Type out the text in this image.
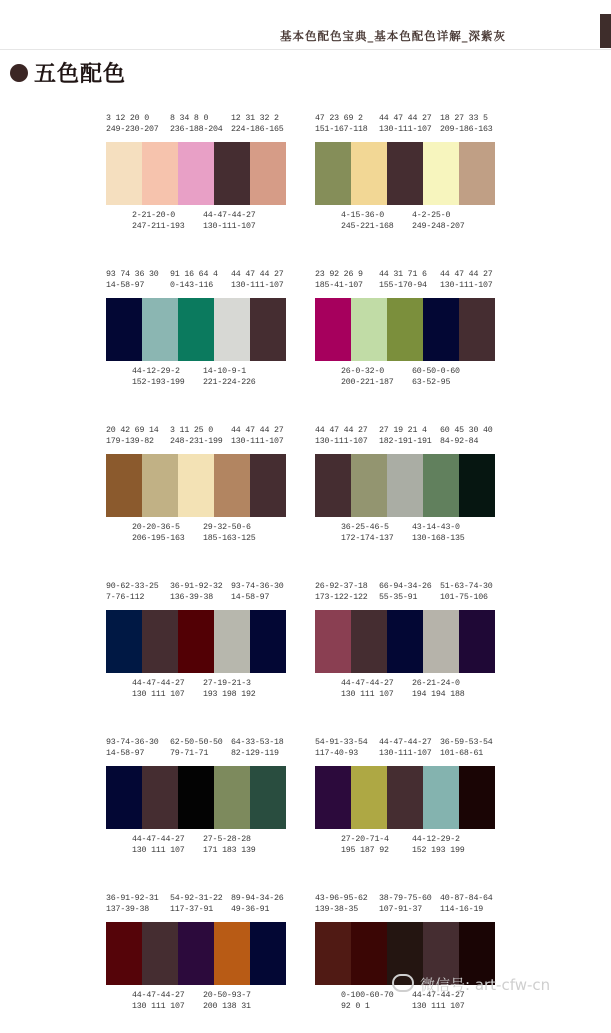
基本色配色宝典_基本色配色详解_深紫灰
五色配色
3 12 20 0
249-230-207
8 34 8 0
236-188-204
12 31 32 2
224-186-165
2-21-20-0
247-211-193
44-47-44-27
130-111-107
47 23 69 2
151-167-118
44 47 44 27
130-111-107
18 27 33 5
209-186-163
4-15-36-0
245-221-168
4-2-25-0
249-248-207
93 74 36 30
14-58-97
91 16 64 4
0-143-116
44 47 44 27
130-111-107
44-12-29-2
152-193-199
14-10-9-1
221-224-226
23 92 26 9
185-41-107
44 31 71 6
155-170-94
44 47 44 27
130-111-107
26-0-32-0
200-221-187
60-50-0-60
63-52-95
20 42 69 14
179-139-82
3 11 25 0
248-231-199
44 47 44 27
130-111-107
20-20-36-5
206-195-163
29-32-50-6
185-163-125
44 47 44 27
130-111-107
27 19 21 4
182-191-191
60 45 30 40
84-92-84
36-25-46-5
172-174-137
43-14-43-0
130-168-135
90-62-33-25
7-76-112
36-91-92-32
136-39-38
93-74-36-30
14-58-97
44-47-44-27
130 111 107
27-19-21-3
193 198 192
26-92-37-18
173-122-122
66-94-34-26
55-35-91
51-63-74-30
101-75-106
44-47-44-27
130 111 107
26-21-24-0
194 194 188
93-74-36-30
14-58-97
62-50-50-50
79-71-71
64-33-53-18
82-129-119
44-47-44-27
130 111 107
27-5-28-28
171 183 139
54-91-33-54
117-40-93
44-47-44-27
130-111-107
36-59-53-54
101-68-61
27-20-71-4
195 187 92
44-12-29-2
152 193 199
36-91-92-31
137-39-38
54-92-31-22
117-37-91
89-94-34-26
49-36-91
44-47-44-27
130 111 107
20-50-93-7
200 138 31
43-96-95-62
139-38-35
38-79-75-60
107-91-37
40-87-84-64
114-16-19
0-100-60-70
92 0 1
44-47-44-27
130 111 107
微信号: art-cfw-cn
